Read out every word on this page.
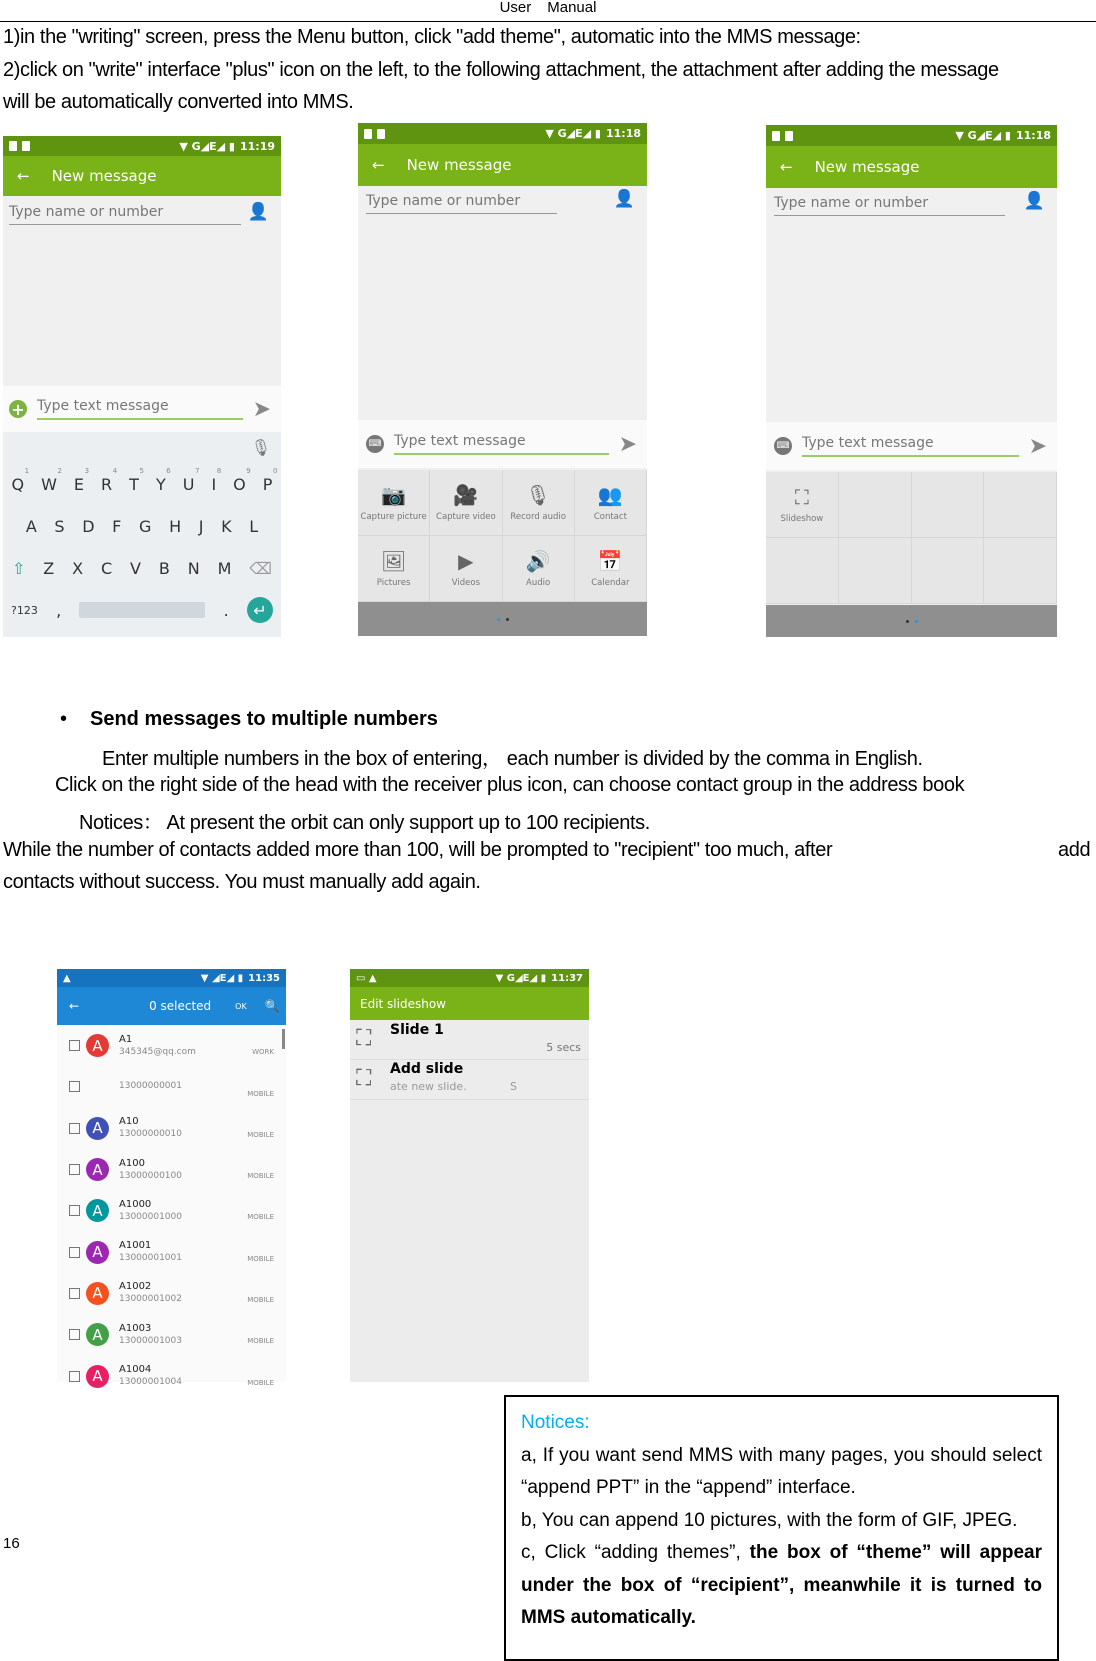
User Manual
1)in the "writing" screen, press the Menu button, click "add theme", automatic into the MMS message:
2)click on "write" interface "plus" icon on the left, to the following attachment, the attachment after adding the message
will be automatically converted into MMS.
▼ G◢E◢ ▮ 11:19
← New message
Type name or number	👤
+ Type text message	➤
🎙
Q
1
W
2
E
3
R
4
T
5
Y
6
U
7
I
8
O
9
P
0
A S D F G H J K L
⇧ Z X C V B N M ⌫
?123 ,	.	↵
▼ G◢E◢ ▮ 11:18
← New message
Type name or number	👤
⌨ Type text message	➤
📷
Capture picture
🎥
Capture video
🎙
Record audio
👥
Contact
🖼
Pictures
▶
Videos
🔊
Audio
📅
Calendar
▼ G◢E◢ ▮ 11:18
← New message
Type name or number	👤
⌨ Type text message	➤
⛶
Slideshow
• Send messages to multiple numbers
Enter multiple numbers in the box of entering， each number is divided by the comma in English.
Click on the right side of the head with the receiver plus icon, can choose contact group in the address book
Notices： At present the orbit can only support up to 100 recipients.
While the number of contacts added more than 100, will be prompted to "recipient" too much, after	add
contacts without success. You must manually add again.
▲	▼ ◢E◢ ▮ 11:35
←	0 selected	OK 🔍
A	A1
345345@qq.com	WORK
13000000001
MOBILE
A	A10
13000000010	MOBILE
A	A100
13000000100	MOBILE
A	A1000
13000001000	MOBILE
A	A1001
13000001001	MOBILE
A	A1002
13000001002	MOBILE
A	A1003
13000001003	MOBILE
A	A1004
13000001004	MOBILE
▭ ▲	▼ G◢E◢ ▮ 11:37
Edit slideshow
⛶ Slide 1
5 secs
⛶ Add slide
ate new slide.	S
16
Notices:
a, If you want send MMS with many pages, you should select “append PPT” in the “append” interface.
b, You can append 10 pictures, with the form of GIF, JPEG.
c, Click “adding themes”, the box of “theme” will appear under the box of “recipient”, meanwhile it is turned to MMS automatically.
